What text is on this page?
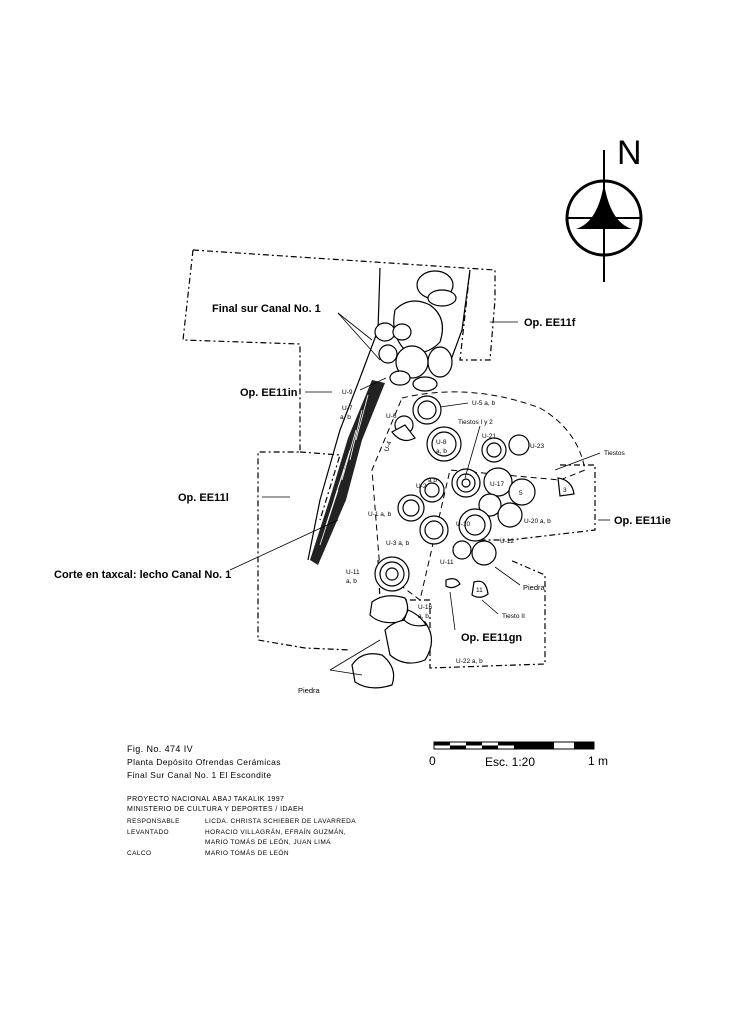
N
Final sur Canal No. 1
Op. EE11f
Op. EE11in
Op. EE11l
Corte en taxcal: lecho Canal No. 1
Op. EE11ie
Op. EE11gn
Piedra
Piedra
Tiestos
Tiestos I y 2
Tiesto II
U-9
U-7
a, b	U-6
U-4
U-5 a, b
U-8
a, b
U-21
U-23
U-2
a b
U-17
5	3
U-1 a, b
U-10	U-20 a, b
U-3 a, b	U-12
U-11
U-11
a, b
U-16
a, b
U-22 a, b
11
0	Esc. 1:20	1 m
Fig. No. 474 IV
Planta Depósito Ofrendas Cerámicas
Final Sur Canal No. 1 El Escondite
PROYECTO NACIONAL ABAJ TAKALIK 1997
MINISTERIO DE CULTURA Y DEPORTES / IDAEH
RESPONSABLE	LICDA. CHRISTA SCHIEBER DE LAVARREDA
LEVANTADO	HORACIO VILLAGRÁN, EFRAÍN GUZMÁN,
MARIO TOMÁS DE LEÓN, JUAN LIMA
CALCO	MARIO TOMÁS DE LEÓN
